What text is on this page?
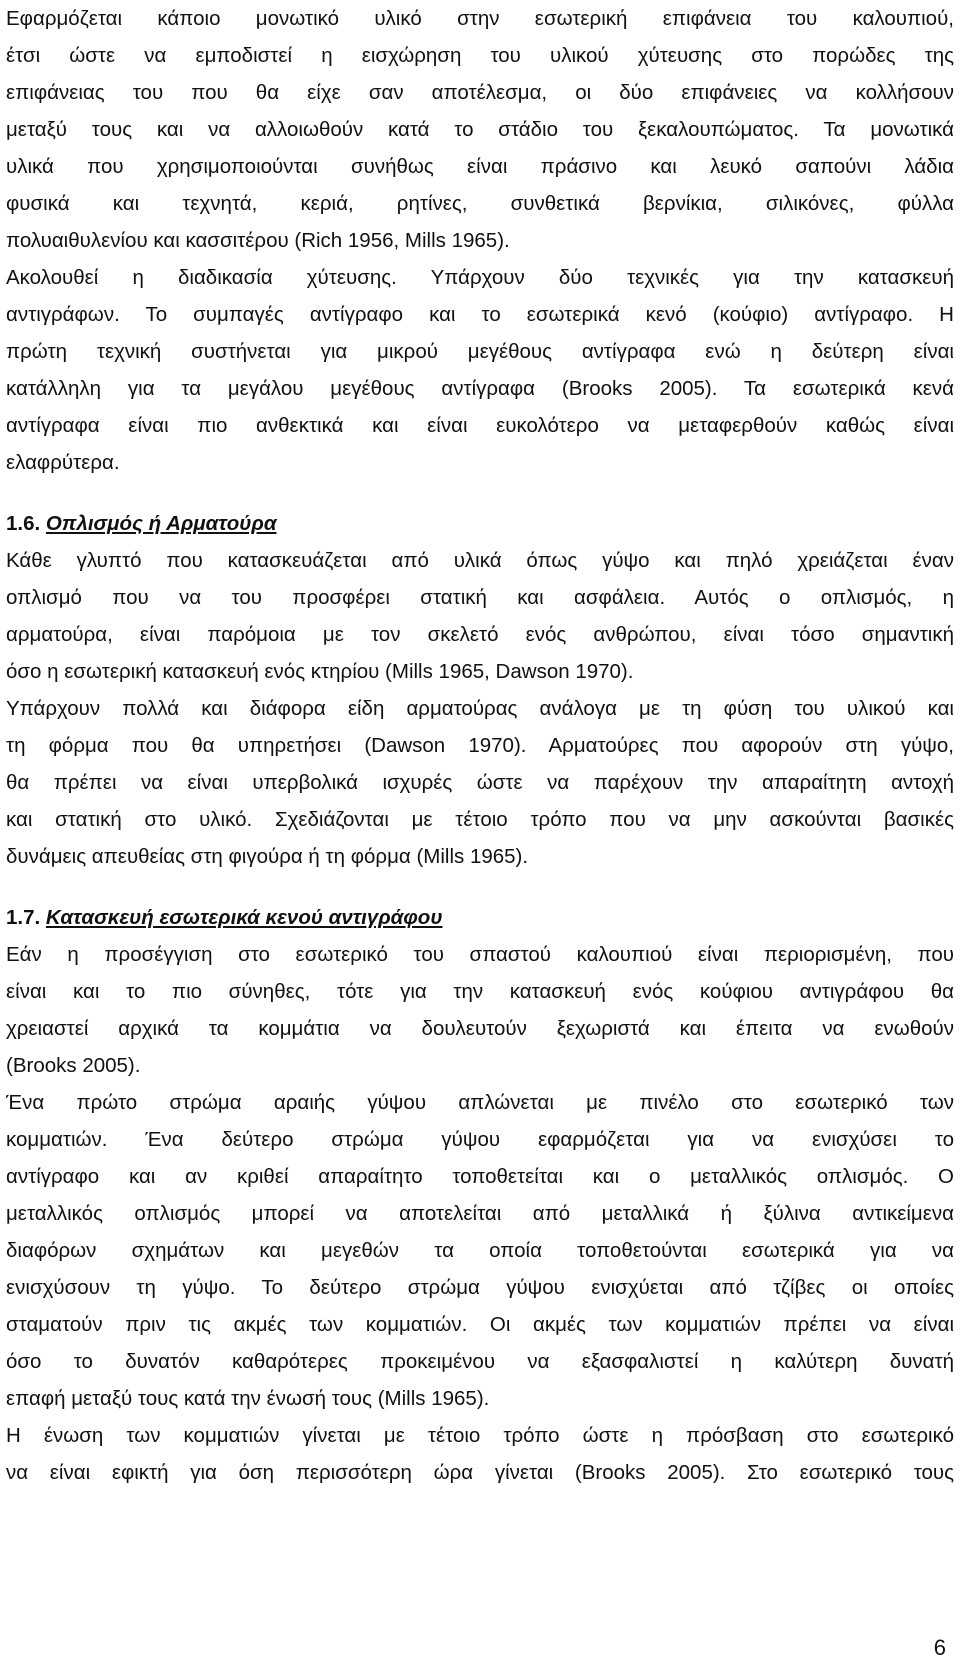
Εφαρμόζεται κάποιο μονωτικό υλικό στην εσωτερική επιφάνεια του καλουπιού,
έτσι ώστε να εμποδιστεί η εισχώρηση του υλικού χύτευσης στο πορώδες της
επιφάνειας του που θα είχε σαν αποτέλεσμα, οι δύο επιφάνειες να κολλήσουν
μεταξύ τους και να αλλοιωθούν κατά το στάδιο του ξεκαλουπώματος. Τα μονωτικά
υλικά που χρησιμοποιούνται συνήθως είναι πράσινο και λευκό σαπούνι λάδια
φυσικά και τεχνητά, κεριά, ρητίνες, συνθετικά βερνίκια, σιλικόνες, φύλλα
πολυαιθυλενίου και κασσιτέρου (Rich 1956, Mills 1965).
Ακολουθεί η διαδικασία χύτευσης. Υπάρχουν δύο τεχνικές για την κατασκευή
αντιγράφων. Το συμπαγές αντίγραφο και το εσωτερικά κενό (κούφιο) αντίγραφο. Η
πρώτη τεχνική συστήνεται για μικρού μεγέθους αντίγραφα ενώ η δεύτερη είναι
κατάλληλη για τα μεγάλου μεγέθους αντίγραφα (Brooks 2005). Τα εσωτερικά κενά
αντίγραφα είναι πιο ανθεκτικά και είναι ευκολότερο να μεταφερθούν καθώς είναι
ελαφρύτερα.
1.6. Οπλισμός ή Αρματούρα
Κάθε γλυπτό που κατασκευάζεται από υλικά όπως γύψο και πηλό χρειάζεται έναν
οπλισμό που να του προσφέρει στατική και ασφάλεια. Αυτός ο οπλισμός, η
αρματούρα, είναι παρόμοια με τον σκελετό ενός ανθρώπου, είναι τόσο σημαντική
όσο η εσωτερική κατασκευή ενός κτηρίου (Mills 1965, Dawson 1970).
Υπάρχουν πολλά και διάφορα είδη αρματούρας ανάλογα με τη φύση του υλικού και
τη φόρμα που θα υπηρετήσει (Dawson 1970). Αρματούρες που αφορούν στη γύψο,
θα πρέπει να είναι υπερβολικά ισχυρές ώστε να παρέχουν την απαραίτητη αντοχή
και στατική στο υλικό. Σχεδιάζονται με τέτοιο τρόπο που να μην ασκούνται βασικές
δυνάμεις απευθείας στη φιγούρα ή τη φόρμα (Mills 1965).
1.7. Κατασκευή εσωτερικά κενού αντιγράφου
Εάν η προσέγγιση στο εσωτερικό του σπαστού καλουπιού είναι περιορισμένη, που
είναι και το πιο σύνηθες, τότε για την κατασκευή ενός κούφιου αντιγράφου θα
χρειαστεί αρχικά τα κομμάτια να δουλευτούν ξεχωριστά και έπειτα να ενωθούν
(Brooks 2005).
Ένα πρώτο στρώμα αραιής γύψου απλώνεται με πινέλο στο εσωτερικό των
κομματιών. Ένα δεύτερο στρώμα γύψου εφαρμόζεται για να ενισχύσει το
αντίγραφο και αν κριθεί απαραίτητο τοποθετείται και ο μεταλλικός οπλισμός. Ο
μεταλλικός οπλισμός μπορεί να αποτελείται από μεταλλικά ή ξύλινα αντικείμενα
διαφόρων σχημάτων και μεγεθών τα οποία τοποθετούνται εσωτερικά για να
ενισχύσουν τη γύψο. Το δεύτερο στρώμα γύψου ενισχύεται από τζίβες οι οποίες
σταματούν πριν τις ακμές των κομματιών. Οι ακμές των κομματιών πρέπει να είναι
όσο το δυνατόν καθαρότερες προκειμένου να εξασφαλιστεί η καλύτερη δυνατή
επαφή μεταξύ τους κατά την ένωσή τους (Mills 1965).
Η ένωση των κομματιών γίνεται με τέτοιο τρόπο ώστε η πρόσβαση στο εσωτερικό
να είναι εφικτή για όση περισσότερη ώρα γίνεται (Brooks 2005). Στο εσωτερικό τους
6
